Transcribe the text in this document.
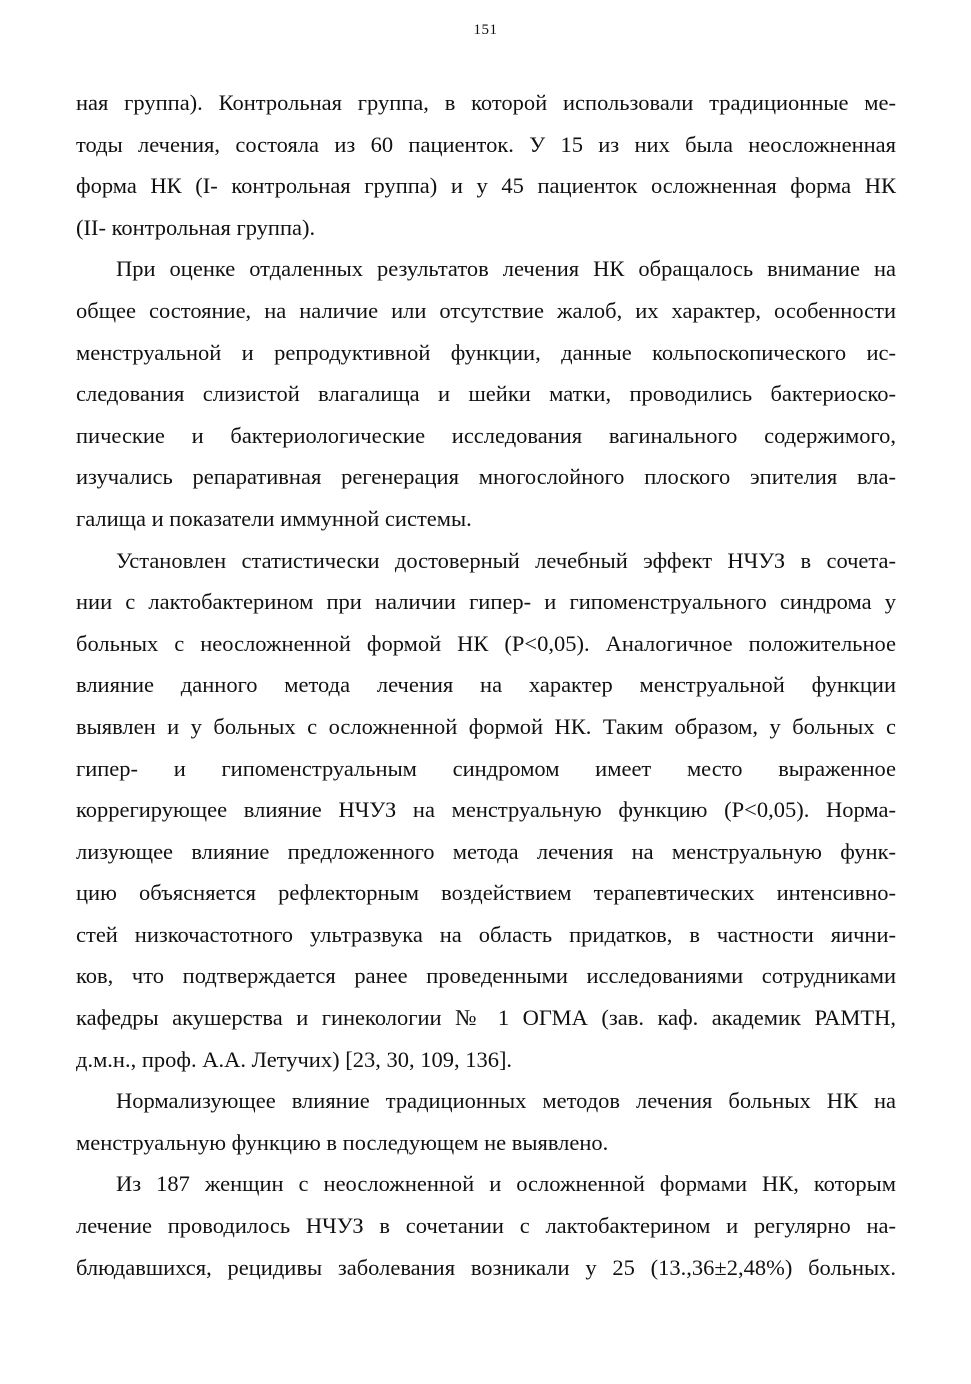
151
ная группа). Контрольная группа, в которой использовали традиционные ме-
тоды лечения, состояла из 60 пациенток. У 15 из них была неосложненная
форма НК (I- контрольная группа) и у 45 пациенток осложненная форма НК
(II- контрольная группа).
При оценке отдаленных результатов лечения НК обращалось внимание на
общее состояние, на наличие или отсутствие жалоб, их характер, особенности
менструальной и репродуктивной функции, данные кольпоскопического ис-
следования слизистой влагалища и шейки матки, проводились бактериоско-
пические и бактериологические исследования вагинального содержимого,
изучались репаративная регенерация многослойного плоского эпителия вла-
галища и показатели иммунной системы.
Установлен статистически достоверный лечебный эффект НЧУЗ в сочета-
нии с лактобактерином при наличии гипер- и гипоменструального синдрома у
больных с неосложненной формой НК (P<0,05). Аналогичное положительное
влияние данного метода лечения на характер менструальной функции
выявлен и у больных с осложненной формой НК. Таким образом, у больных с
гипер- и гипоменструальным синдромом имеет место выраженное
коррегирующее влияние НЧУЗ на менструальную функцию (P<0,05). Норма-
лизующее влияние предложенного метода лечения на менструальную функ-
цию объясняется рефлекторным воздействием терапевтических интенсивно-
стей низкочастотного ультразвука на область придатков, в частности яични-
ков, что подтверждается ранее проведенными исследованиями сотрудниками
кафедры акушерства и гинекологии № 1 ОГМА (зав. каф. академик РАМТН,
д.м.н., проф. А.А. Летучих) [23, 30, 109, 136].
Нормализующее влияние традиционных методов лечения больных НК на
менструальную функцию в последующем не выявлено.
Из 187 женщин с неосложненной и осложненной формами НК, которым
лечение проводилось НЧУЗ в сочетании с лактобактерином и регулярно на-
блюдавшихся, рецидивы заболевания возникали у 25 (13.,36±2,48%) больных.
